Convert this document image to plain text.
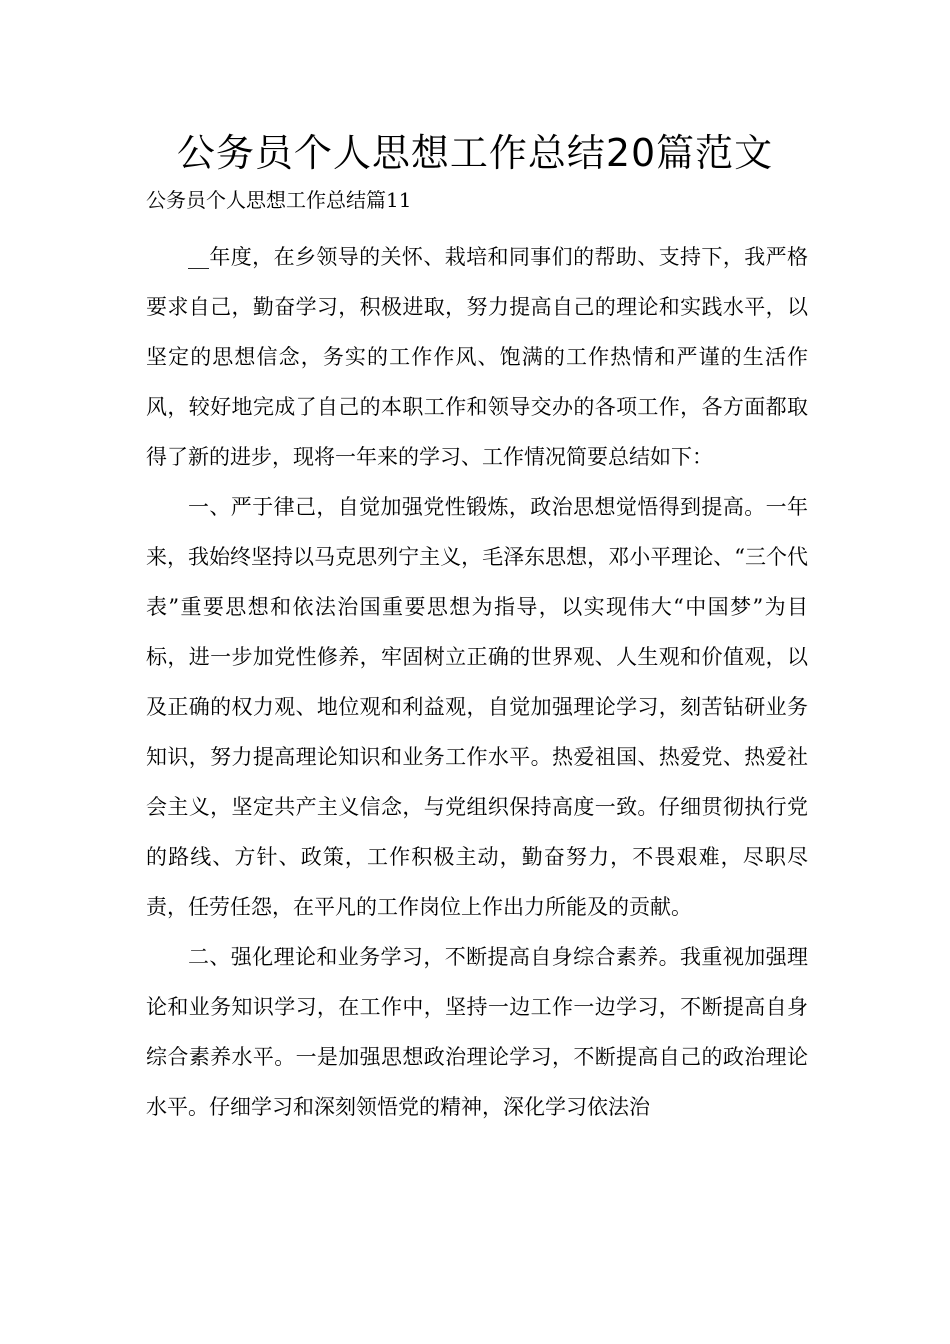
公务员个人思想工作总结20篇范文

公务员个人思想工作总结篇11

__年度，在乡领导的关怀、栽培和同事们的帮助、支持下，我严格要求自己，勤奋学习，积极进取，努力提高自己的理论和实践水平，以坚定的思想信念，务实的工作作风、饱满的工作热情和严谨的生活作风，较好地完成了自己的本职工作和领导交办的各项工作，各方面都取得了新的进步，现将一年来的学习、工作情况简要总结如下：

一、严于律己，自觉加强党性锻炼，政治思想觉悟得到提高。一年来，我始终坚持以马克思列宁主义，毛泽东思想，邓小平理论、“三个代表”重要思想和依法治国重要思想为指导，以实现伟大“中国梦”为目标，进一步加党性修养，牢固树立正确的世界观、人生观和价值观，以及正确的权力观、地位观和利益观，自觉加强理论学习，刻苦钻研业务知识，努力提高理论知识和业务工作水平。热爱祖国、热爱党、热爱社会主义，坚定共产主义信念，与党组织保持高度一致。仔细贯彻执行党的路线、方针、政策，工作积极主动，勤奋努力，不畏艰难，尽职尽责，任劳任怨，在平凡的工作岗位上作出力所能及的贡献。

二、强化理论和业务学习，不断提高自身综合素养。我重视加强理论和业务知识学习，在工作中，坚持一边工作一边学习，不断提高自身综合素养水平。一是加强思想政治理论学习，不断提高自己的政治理论水平。仔细学习和深刻领悟党的精神，深化学习依法治
